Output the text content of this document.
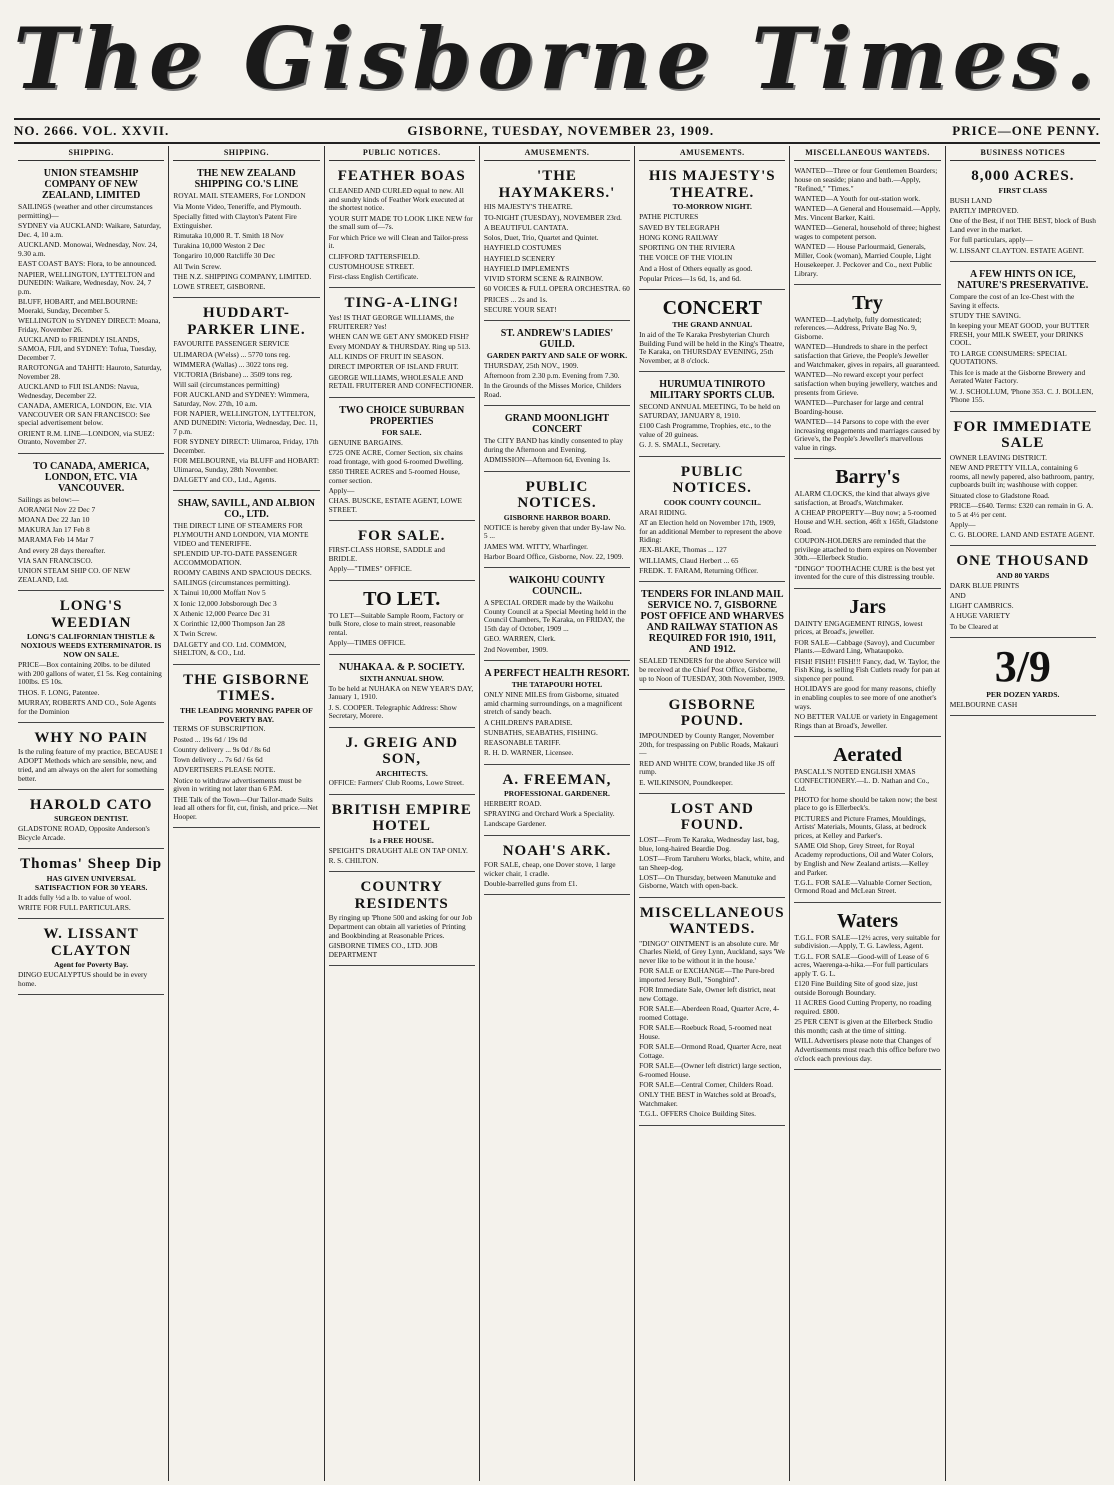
The Gisborne Times.
NO. 2666. VOL. XXVII.	GISBORNE, TUESDAY, NOVEMBER 23, 1909.	PRICE—ONE PENNY.
SHIPPING.
UNION STEAMSHIP COMPANY OF NEW ZEALAND, LIMITED
SAILINGS (weather and other circumstances permitting)—
SYDNEY via AUCKLAND: Waikare, Saturday, Dec. 4, 10 a.m.
AUCKLAND. Monowai, Wednesday, Nov. 24, 9.30 a.m.
EAST COAST BAYS: Flora, to be announced.
NAPIER, WELLINGTON, LYTTELTON and DUNEDIN: Waikare, Wednesday, Nov. 24, 7 p.m.
BLUFF, HOBART, and MELBOURNE: Moeraki, Sunday, December 5.
WELLINGTON to SYDNEY DIRECT: Moana, Friday, November 26.
AUCKLAND to FRIENDLY ISLANDS, SAMOA, FIJI, and SYDNEY: Tofua, Tuesday, December 7.
RAROTONGA and TAHITI: Hauroto, Saturday, November 28.
AUCKLAND to FIJI ISLANDS: Navua, Wednesday, December 22.
CANADA, AMERICA, LONDON, Etc. VIA VANCOUVER OR SAN FRANCISCO: See special advertisement below.
ORIENT R.M. LINE—LONDON, via SUEZ: Otranto, November 27.
TO CANADA, AMERICA, LONDON, ETC. VIA VANCOUVER.
Sailings as below:—
AORANGI Nov 22 Dec 7
MOANA Dec 22 Jan 10
MAKURA Jan 17 Feb 8
MARAMA Feb 14 Mar 7
And every 28 days thereafter.
VIA SAN FRANCISCO.
UNION STEAM SHIP CO. OF NEW ZEALAND, Ltd.
LONG'S WEEDIAN
LONG'S CALIFORNIAN THISTLE & NOXIOUS WEEDS EXTERMINATOR. IS NOW ON SALE.
PRICE—Box containing 20lbs. to be diluted with 200 gallons of water, £1 5s. Keg containing 100lbs. £5 10s.
THOS. F. LONG, Patentee.
MURRAY, ROBERTS AND CO., Sole Agents for the Dominion
WHY NO PAIN
Is the ruling feature of my practice, BECAUSE I ADOPT Methods which are sensible, new, and tried, and am always on the alert for something better.
HAROLD CATO
SURGEON DENTIST.
GLADSTONE ROAD, Opposite Anderson's Bicycle Arcade.
Thomas' Sheep Dip
HAS GIVEN UNIVERSAL SATISFACTION FOR 30 YEARS.
It adds fully ½d a lb. to value of wool.
WRITE FOR FULL PARTICULARS.
W. LISSANT CLAYTON
Agent for Poverty Bay.
DINGO EUCALYPTUS should be in every home.
SHIPPING.
THE NEW ZEALAND SHIPPING CO.'S LINE
ROYAL MAIL STEAMERS, For LONDON
Via Monte Video, Teneriffe, and Plymouth.
Specially fitted with Clayton's Patent Fire Extinguisher.
Rimutaka 10,000 R. T. Smith 18 Nov
Turakina 10,000 Weston 2 Dec
Tongariro 10,000 Ratcliffe 30 Dec
All Twin Screw.
THE N.Z. SHIPPING COMPANY, LIMITED.
LOWE STREET, GISBORNE.
HUDDART-PARKER LINE.
FAVOURITE PASSENGER SERVICE
ULIMAROA (W'elss) ... 5770 tons reg.
WIMMERA (Wallas) ... 3022 tons reg.
VICTORIA (Brisbane) ... 3509 tons reg.
Will sail (circumstances permitting)
FOR AUCKLAND and SYDNEY: Wimmera, Saturday, Nov. 27th, 10 a.m.
FOR NAPIER, WELLINGTON, LYTTELTON, AND DUNEDIN: Victoria, Wednesday, Dec. 11, 7 p.m.
FOR SYDNEY DIRECT: Ulimaroa, Friday, 17th December.
FOR MELBOURNE, via BLUFF and HOBART: Ulimaroa, Sunday, 28th November.
DALGETY and CO., Ltd., Agents.
SHAW, SAVILL, AND ALBION CO., LTD.
THE DIRECT LINE OF STEAMERS FOR PLYMOUTH AND LONDON, VIA MONTE VIDEO and TENERIFFE.
SPLENDID UP-TO-DATE PASSENGER ACCOMMODATION.
ROOMY CABINS AND SPACIOUS DECKS.
SAILINGS (circumstances permitting).
X Tainui 10,000 Moffatt Nov 5
X Ionic 12,000 Jobsborough Dec 3
X Athenic 12,000 Pearce Dec 31
X Corinthic 12,000 Thompson Jan 28
X Twin Screw.
DALGETY and CO. Ltd. COMMON, SHELTON, & CO., Ltd.
THE GISBORNE TIMES.
THE LEADING MORNING PAPER OF POVERTY BAY.
TERMS OF SUBSCRIPTION.
Posted ... 19s 6d / 19s 0d
Country delivery ... 9s 0d / 8s 6d
Town delivery ... 7s 6d / 6s 6d
ADVERTISERS PLEASE NOTE.
Notice to withdraw advertisements must be given in writing not later than 6 P.M.
THE Talk of the Town—Our Tailor-made Suits lead all others for fit, cut, finish, and price.—Net Hooper.
PUBLIC NOTICES.
FEATHER BOAS
CLEANED AND CURLED equal to new. All and sundry kinds of Feather Work executed at the shortest notice.
YOUR SUIT MADE TO LOOK LIKE NEW for the small sum of—7s.
For which Price we will Clean and Tailor-press it.
CLIFFORD TATTERSFIELD.
CUSTOMHOUSE STREET.
First-class English Certificate.
TING-A-LING!
Yes! IS THAT GEORGE WILLIAMS, the FRUITERER? Yes!
WHEN CAN WE GET ANY SMOKED FISH?
Every MONDAY & THURSDAY. Ring up 513.
ALL KINDS OF FRUIT IN SEASON.
DIRECT IMPORTER OF ISLAND FRUIT.
GEORGE WILLIAMS, WHOLESALE AND RETAIL FRUITERER AND CONFECTIONER.
TWO CHOICE SUBURBAN PROPERTIES
FOR SALE.
GENUINE BARGAINS.
£725 ONE ACRE, Corner Section, six chains road frontage, with good 6-roomed Dwelling.
£850 THREE ACRES and 5-roomed House, corner section.
Apply—
CHAS. BUSCKE, ESTATE AGENT, LOWE STREET.
FOR SALE.
FIRST-CLASS HORSE, SADDLE and BRIDLE.
Apply—"TIMES" OFFICE.
TO LET.
TO LET—Suitable Sample Room, Factory or bulk Store, close to main street, reasonable rental.
Apply—TIMES OFFICE.
NUHAKA A. & P. SOCIETY.
SIXTH ANNUAL SHOW.
To be held at NUHAKA on NEW YEAR'S DAY, January 1, 1910.
J. S. COOPER. Telegraphic Address: Show Secretary, Morere.
J. GREIG AND SON,
ARCHITECTS.
OFFICE: Farmers' Club Rooms, Lowe Street.
BRITISH EMPIRE HOTEL
Is a FREE HOUSE.
SPEIGHT'S DRAUGHT ALE ON TAP ONLY.
R. S. CHILTON.
COUNTRY RESIDENTS
By ringing up 'Phone 500 and asking for our Job Department can obtain all varieties of Printing and Bookbinding at Reasonable Prices.
GISBORNE TIMES CO., LTD. JOB DEPARTMENT
AMUSEMENTS.
'THE HAYMAKERS.'
HIS MAJESTY'S THEATRE.
TO-NIGHT (TUESDAY), NOVEMBER 23rd.
A BEAUTIFUL CANTATA.
Solos, Duet, Trio, Quartet and Quintet.
HAYFIELD COSTUMES
HAYFIELD SCENERY
HAYFIELD IMPLEMENTS
VIVID STORM SCENE & RAINBOW.
60 VOICES & FULL OPERA ORCHESTRA. 60
PRICES ... 2s and 1s.
SECURE YOUR SEAT!
ST. ANDREW'S LADIES' GUILD.
GARDEN PARTY AND SALE OF WORK.
THURSDAY, 25th NOV., 1909.
Afternoon from 2.30 p.m. Evening from 7.30.
In the Grounds of the Misses Morice, Childers Road.
GRAND MOONLIGHT CONCERT
The CITY BAND has kindly consented to play during the Afternoon and Evening.
ADMISSION—Afternoon 6d, Evening 1s.
PUBLIC NOTICES.
GISBORNE HARBOR BOARD.
NOTICE is hereby given that under By-law No. 5 ...
JAMES WM. WITTY, Wharfinger.
Harbor Board Office, Gisborne, Nov. 22, 1909.
WAIKOHU COUNTY COUNCIL.
A SPECIAL ORDER made by the Waikohu County Council at a Special Meeting held in the Council Chambers, Te Karaka, on FRIDAY, the 15th day of October, 1909 ...
GEO. WARREN, Clerk.
2nd November, 1909.
A PERFECT HEALTH RESORT.
THE TATAPOURI HOTEL
ONLY NINE MILES from Gisborne, situated amid charming surroundings, on a magnificent stretch of sandy beach.
A CHILDREN'S PARADISE.
SUNBATHS, SEABATHS, FISHING.
REASONABLE TARIFF.
R. H. D. WARNER, Licensee.
A. FREEMAN,
PROFESSIONAL GARDENER.
HERBERT ROAD.
SPRAYING and Orchard Work a Speciality.
Landscape Gardener.
NOAH'S ARK.
FOR SALE, cheap, one Dover stove, 1 large wicker chair, 1 cradle.
Double-barrelled guns from £1.
AMUSEMENTS.
HIS MAJESTY'S THEATRE.
TO-MORROW NIGHT.
PATHE PICTURES
SAVED BY TELEGRAPH
HONG KONG RAILWAY
SPORTING ON THE RIVIERA
THE VOICE OF THE VIOLIN
And a Host of Others equally as good.
Popular Prices—1s 6d, 1s, and 6d.
CONCERT
THE GRAND ANNUAL
In aid of the Te Karaka Presbyterian Church Building Fund will be held in the King's Theatre, Te Karaka, on THURSDAY EVENING, 25th November, at 8 o'clock.
HURUMUA TINIROTO MILITARY SPORTS CLUB.
SECOND ANNUAL MEETING, To be held on SATURDAY, JANUARY 8, 1910.
£100 Cash Programme, Trophies, etc., to the value of 20 guineas.
G. J. S. SMALL, Secretary.
PUBLIC NOTICES.
COOK COUNTY COUNCIL.
ARAI RIDING.
AT an Election held on November 17th, 1909, for an additional Member to represent the above Riding:
JEX-BLAKE, Thomas ... 127
WILLIAMS, Claud Herbert ... 65
FREDK. T. FARAM, Returning Officer.
TENDERS FOR INLAND MAIL SERVICE NO. 7, GISBORNE POST OFFICE AND WHARVES AND RAILWAY STATION AS REQUIRED FOR 1910, 1911, AND 1912.
SEALED TENDERS for the above Service will be received at the Chief Post Office, Gisborne, up to Noon of TUESDAY, 30th November, 1909.
GISBORNE POUND.
IMPOUNDED by County Ranger, November 20th, for trespassing on Public Roads, Makauri—
RED AND WHITE COW, branded like JS off rump.
E. WILKINSON, Poundkeeper.
LOST AND FOUND.
LOST—From Te Karaka, Wednesday last, bag, blue, long-haired Beardie Dog.
LOST—From Taruheru Works, black, white, and tan Sheep-dog.
LOST—On Thursday, between Manutuke and Gisborne, Watch with open-back.
MISCELLANEOUS WANTEDS.
"DINGO" OINTMENT is an absolute cure. Mr Charles Nield, of Grey Lynn, Auckland, says 'We never like to be without it in the house.'
FOR SALE or EXCHANGE—The Pure-bred imported Jersey Bull, "Songbird".
FOR Immediate Sale, Owner left district, neat new Cottage.
FOR SALE—Aberdeen Road, Quarter Acre, 4-roomed Cottage.
FOR SALE—Roebuck Road, 5-roomed neat House.
FOR SALE—Ormond Road, Quarter Acre, neat Cottage.
FOR SALE—(Owner left district) large section, 6-roomed House.
FOR SALE—Central Corner, Childers Road.
ONLY THE BEST in Watches sold at Broad's, Watchmaker.
T.G.L. OFFERS Choice Building Sites.
MISCELLANEOUS WANTEDS.
WANTED—Three or four Gentlemen Boarders; house on seaside; piano and bath.—Apply, "Refined," "Times."
WANTED—A Youth for out-station work.
WANTED—A General and Housemaid.—Apply, Mrs. Vincent Barker, Kaiti.
WANTED—General, household of three; highest wages to competent person.
WANTED — House Parlourmaid, Generals, Miller, Cook (woman), Married Couple, Light Housekeeper. J. Peckover and Co., next Public Library.
Try
WANTED—Ladyhelp, fully domesticated; references.—Address, Private Bag No. 9, Gisborne.
WANTED—Hundreds to share in the perfect satisfaction that Grieve, the People's Jeweller and Watchmaker, gives in repairs, all guaranteed.
WANTED—No reward except your perfect satisfaction when buying jewellery, watches and presents from Grieve.
WANTED—Purchaser for large and central Boarding-house.
WANTED—14 Parsons to cope with the ever increasing engagements and marriages caused by Grieve's, the People's Jeweller's marvellous value in rings.
Barry's
ALARM CLOCKS, the kind that always give satisfaction, at Broad's, Watchmaker.
A CHEAP PROPERTY—Buy now; a 5-roomed House and W.H. section, 46ft x 165ft, Gladstone Road.
COUPON-HOLDERS are reminded that the privilege attached to them expires on November 30th.—Ellerbeck Studio.
"DINGO" TOOTHACHE CURE is the best yet invented for the cure of this distressing trouble.
Jars
DAINTY ENGAGEMENT RINGS, lowest prices, at Broad's, jeweller.
FOR SALE—Cabbage (Savoy), and Cucumber Plants.—Edward Ling, Whataupoko.
FISH! FISH!! FISH!!! Fancy, dad, W. Taylor, the Fish King, is selling Fish Cutlets ready for pan at sixpence per pound.
HOLIDAYS are good for many reasons, chiefly in enabling couples to see more of one another's ways.
NO BETTER VALUE or variety in Engagement Rings than at Broad's, Jeweller.
Aerated
PASCALL'S NOTED ENGLISH XMAS CONFECTIONERY.—L. D. Nathan and Co., Ltd.
PHOTO for home should be taken now; the best place to go is Ellerbeck's.
PICTURES and Picture Frames, Mouldings, Artists' Materials, Mounts, Glass, at bedrock prices, at Kelley and Parker's.
SAME Old Shop, Grey Street, for Royal Academy reproductions, Oil and Water Colors, by English and New Zealand artists.—Kelley and Parker.
T.G.L. FOR SALE—Valuable Corner Section, Ormond Road and McLean Street.
Waters
T.G.L. FOR SALE—12½ acres, very suitable for subdivision.—Apply, T. G. Lawless, Agent.
T.G.L. FOR SALE—Good-will of Lease of 6 acres, Waerenga-a-hika.—For full particulars apply T. G. L.
£120 Fine Building Site of good size, just outside Borough Boundary.
11 ACRES Good Cutting Property, no roading required. £800.
25 PER CENT is given at the Ellerbeck Studio this month; cash at the time of sitting.
WILL Advertisers please note that Changes of Advertisements must reach this office before two o'clock each previous day.
BUSINESS NOTICES
8,000 ACRES.
FIRST CLASS
BUSH LAND
PARTLY IMPROVED.
One of the Best, if not THE BEST, block of Bush Land ever in the market.
For full particulars, apply—
W. LISSANT CLAYTON. ESTATE AGENT.
A FEW HINTS ON ICE, NATURE'S PRESERVATIVE.
Compare the cost of an Ice-Chest with the Saving it effects.
STUDY THE SAVING.
In keeping your MEAT GOOD, your BUTTER FRESH, your MILK SWEET, your DRINKS COOL.
TO LARGE CONSUMERS: SPECIAL QUOTATIONS.
This Ice is made at the Gisborne Brewery and Aerated Water Factory.
W. J. SCHOLLUM, 'Phone 353. C. J. BOLLEN, 'Phone 155.
FOR IMMEDIATE SALE
OWNER LEAVING DISTRICT.
NEW AND PRETTY VILLA, containing 6 rooms, all newly papered, also bathroom, pantry, cupboards built in; washhouse with copper.
Situated close to Gladstone Road.
PRICE—£640. Terms: £320 can remain in G. A. to 5 at 4½ per cent.
Apply—
C. G. BLOORE. LAND AND ESTATE AGENT.
ONE THOUSAND
AND 80 YARDS
DARK BLUE PRINTS
AND
LIGHT CAMBRICS.
A HUGE VARIETY
To be Cleared at
3/9
PER DOZEN YARDS.
MELBOURNE CASH
